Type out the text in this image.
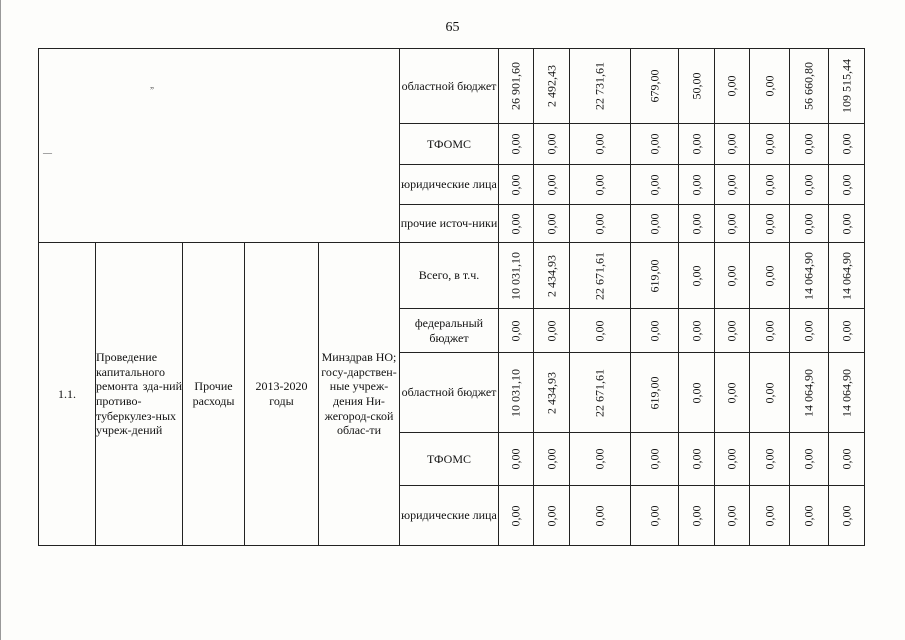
65
„
—
					областной бюджет	26 901,60	2 492,43	22 731,61	679,00	50,00	0,00	0,00	56 660,80	109 515,44

					ТФОМС	0,00	0,00	0,00	0,00	0,00	0,00	0,00	0,00	0,00

					юридические лица	0,00	0,00	0,00	0,00	0,00	0,00	0,00	0,00	0,00

					прочие источ-ники	0,00	0,00	0,00	0,00	0,00	0,00	0,00	0,00	0,00

1.1.	Проведение капитального ремонта зда-ний противо-туберкулез-ных учреж-дений	Прочие расходы	2013-2020 годы	Минздрав НО; госу-дарствен-ные учреж-дения Ни-жегород-ской облас-ти	Всего, в т.ч.	10 031,10	2 434,93	22 671,61	619,00	0,00	0,00	0,00	14 064,90	14 064,90

					федеральный бюджет	0,00	0,00	0,00	0,00	0,00	0,00	0,00	0,00	0,00

					областной бюджет	10 031,10	2 434,93	22 671,61	619,00	0,00	0,00	0,00	14 064,90	14 064,90

					ТФОМС	0,00	0,00	0,00	0,00	0,00	0,00	0,00	0,00	0,00

					юридические лица	0,00	0,00	0,00	0,00	0,00	0,00	0,00	0,00	0,00
